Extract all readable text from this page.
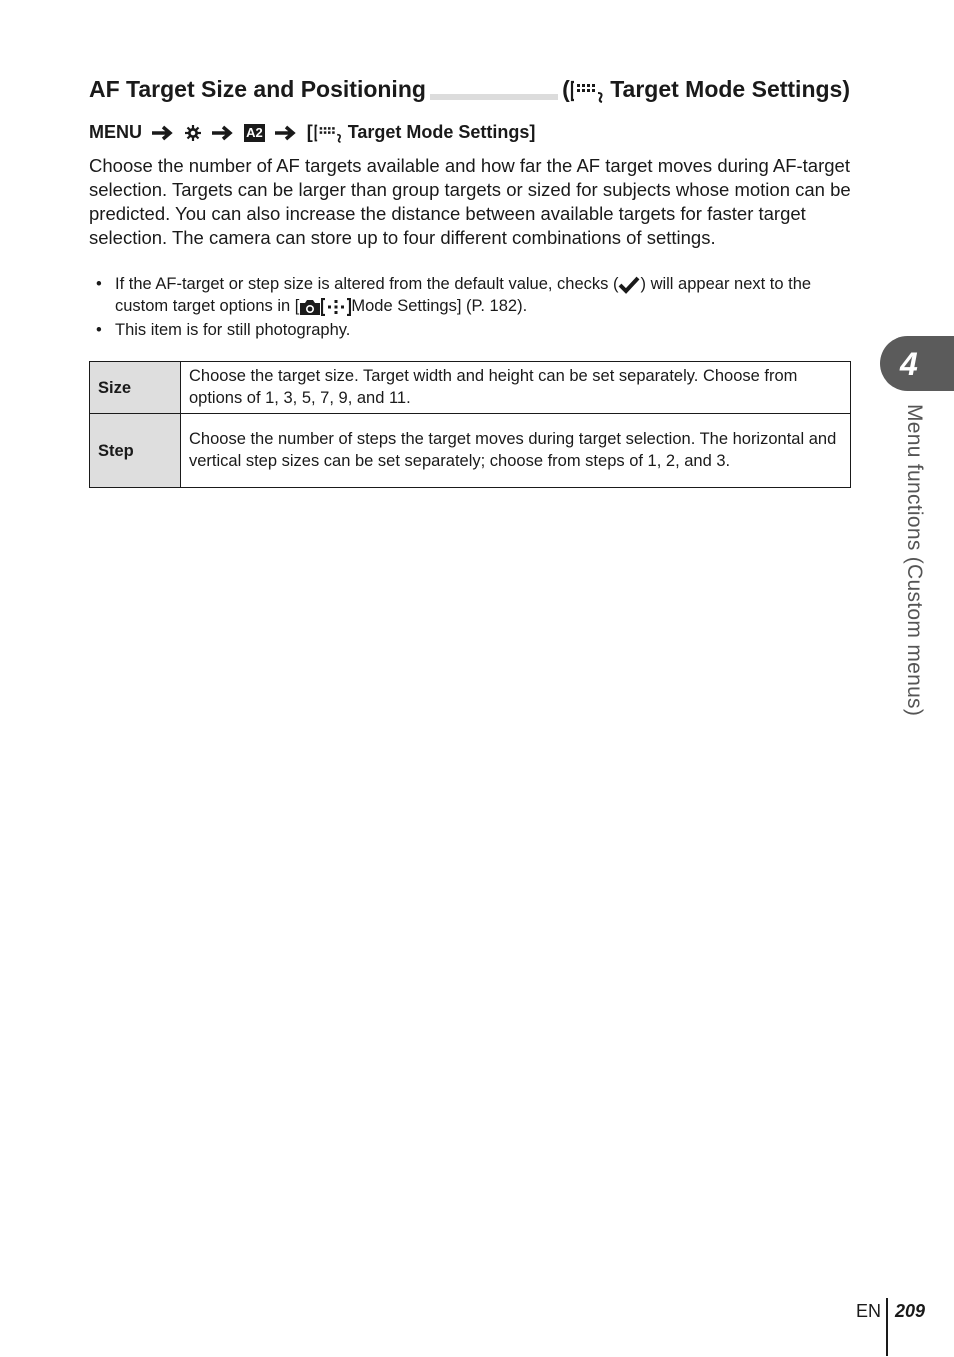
AF Target Size and Positioning	( Target Mode Settings)
MENU	A2 [ Target Mode Settings]

Choose the number of AF targets available and how far the AF target moves during AF-target selection. Targets can be larger than group targets or sized for subjects whose motion can be predicted. You can also increase the distance between available targets for faster target selection. The camera can store up to four different combinations of settings.

• If the AF-target or step size is altered from the default value, checks ( ) will appear next to the custom target options in [	Mode Settings] (P. 182).
• This item is for still photography.
Size	Choose the target size. Target width and height can be set separately. Choose from options of 1, 3, 5, 7, 9, and 11.
Step	Choose the number of steps the target moves during target selection. The horizontal and vertical step sizes can be set separately; choose from steps of 1, 2, and 3.
4
Menu functions (Custom menus)
EN 209
